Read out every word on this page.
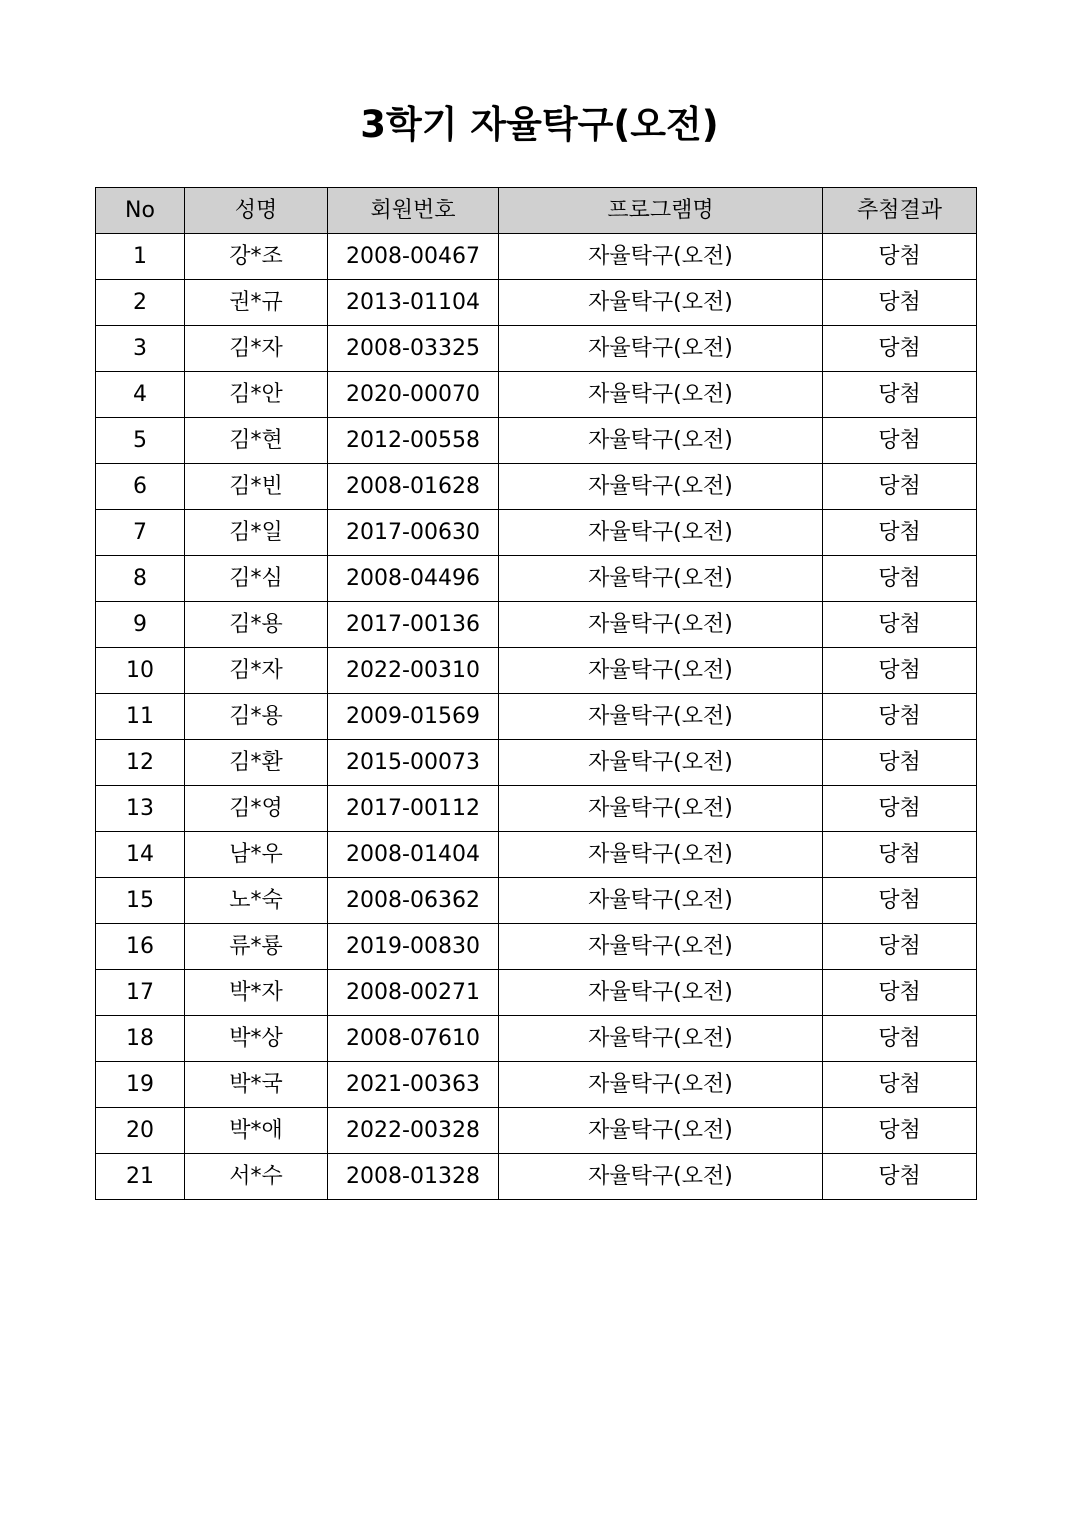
3학기 자율탁구(오전)
No	성명	회원번호	프로그램명	추첨결과
1	강*조	2008-00467	자율탁구(오전)	당첨
2	권*규	2013-01104	자율탁구(오전)	당첨
3	김*자	2008-03325	자율탁구(오전)	당첨
4	김*안	2020-00070	자율탁구(오전)	당첨
5	김*현	2012-00558	자율탁구(오전)	당첨
6	김*빈	2008-01628	자율탁구(오전)	당첨
7	김*일	2017-00630	자율탁구(오전)	당첨
8	김*심	2008-04496	자율탁구(오전)	당첨
9	김*용	2017-00136	자율탁구(오전)	당첨
10	김*자	2022-00310	자율탁구(오전)	당첨
11	김*용	2009-01569	자율탁구(오전)	당첨
12	김*환	2015-00073	자율탁구(오전)	당첨
13	김*영	2017-00112	자율탁구(오전)	당첨
14	남*우	2008-01404	자율탁구(오전)	당첨
15	노*숙	2008-06362	자율탁구(오전)	당첨
16	류*룡	2019-00830	자율탁구(오전)	당첨
17	박*자	2008-00271	자율탁구(오전)	당첨
18	박*상	2008-07610	자율탁구(오전)	당첨
19	박*국	2021-00363	자율탁구(오전)	당첨
20	박*애	2022-00328	자율탁구(오전)	당첨
21	서*수	2008-01328	자율탁구(오전)	당첨
